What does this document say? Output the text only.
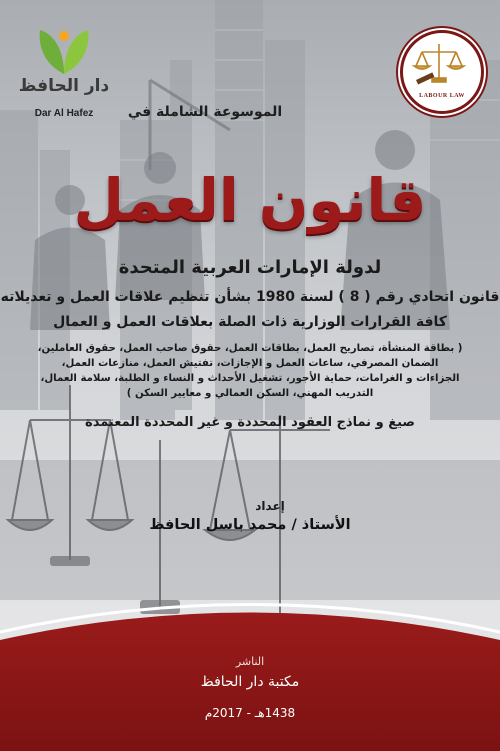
دار الحافظ
Dar Al Hafez
LABOUR LAW

الموسوعة الشاملة في

قانون العمل

لدولة الإمارات العربية المتحدة

قانون اتحادي رقم ( 8 ) لسنة 1980 بشأن تنظيم علاقات العمل و تعديلاته

كافة القرارات الوزارية ذات الصلة بعلاقات العمل و العمال

( بطاقة المنشأة، تصاريح العمل، بطاقات العمل، حقوق صاحب العمل، حقوق العاملين،
الضمان المصرفي، ساعات العمل و الإجازات، تفتيش العمل، منازعات العمل،
الجزاءات و الغرامات، حماية الأجور، تشغيل الأحداث و النساء و الطلبة، سلامة العمال،
التدريب المهني، السكن العمالي و معايير السكن )

صيغ و نماذج العقود المحددة و غير المحددة المعتمدة

إعداد

الأستاذ / محمد باسل الحافظ

الناشر

مكتبة دار الحافظ

1438هـ - 2017م
